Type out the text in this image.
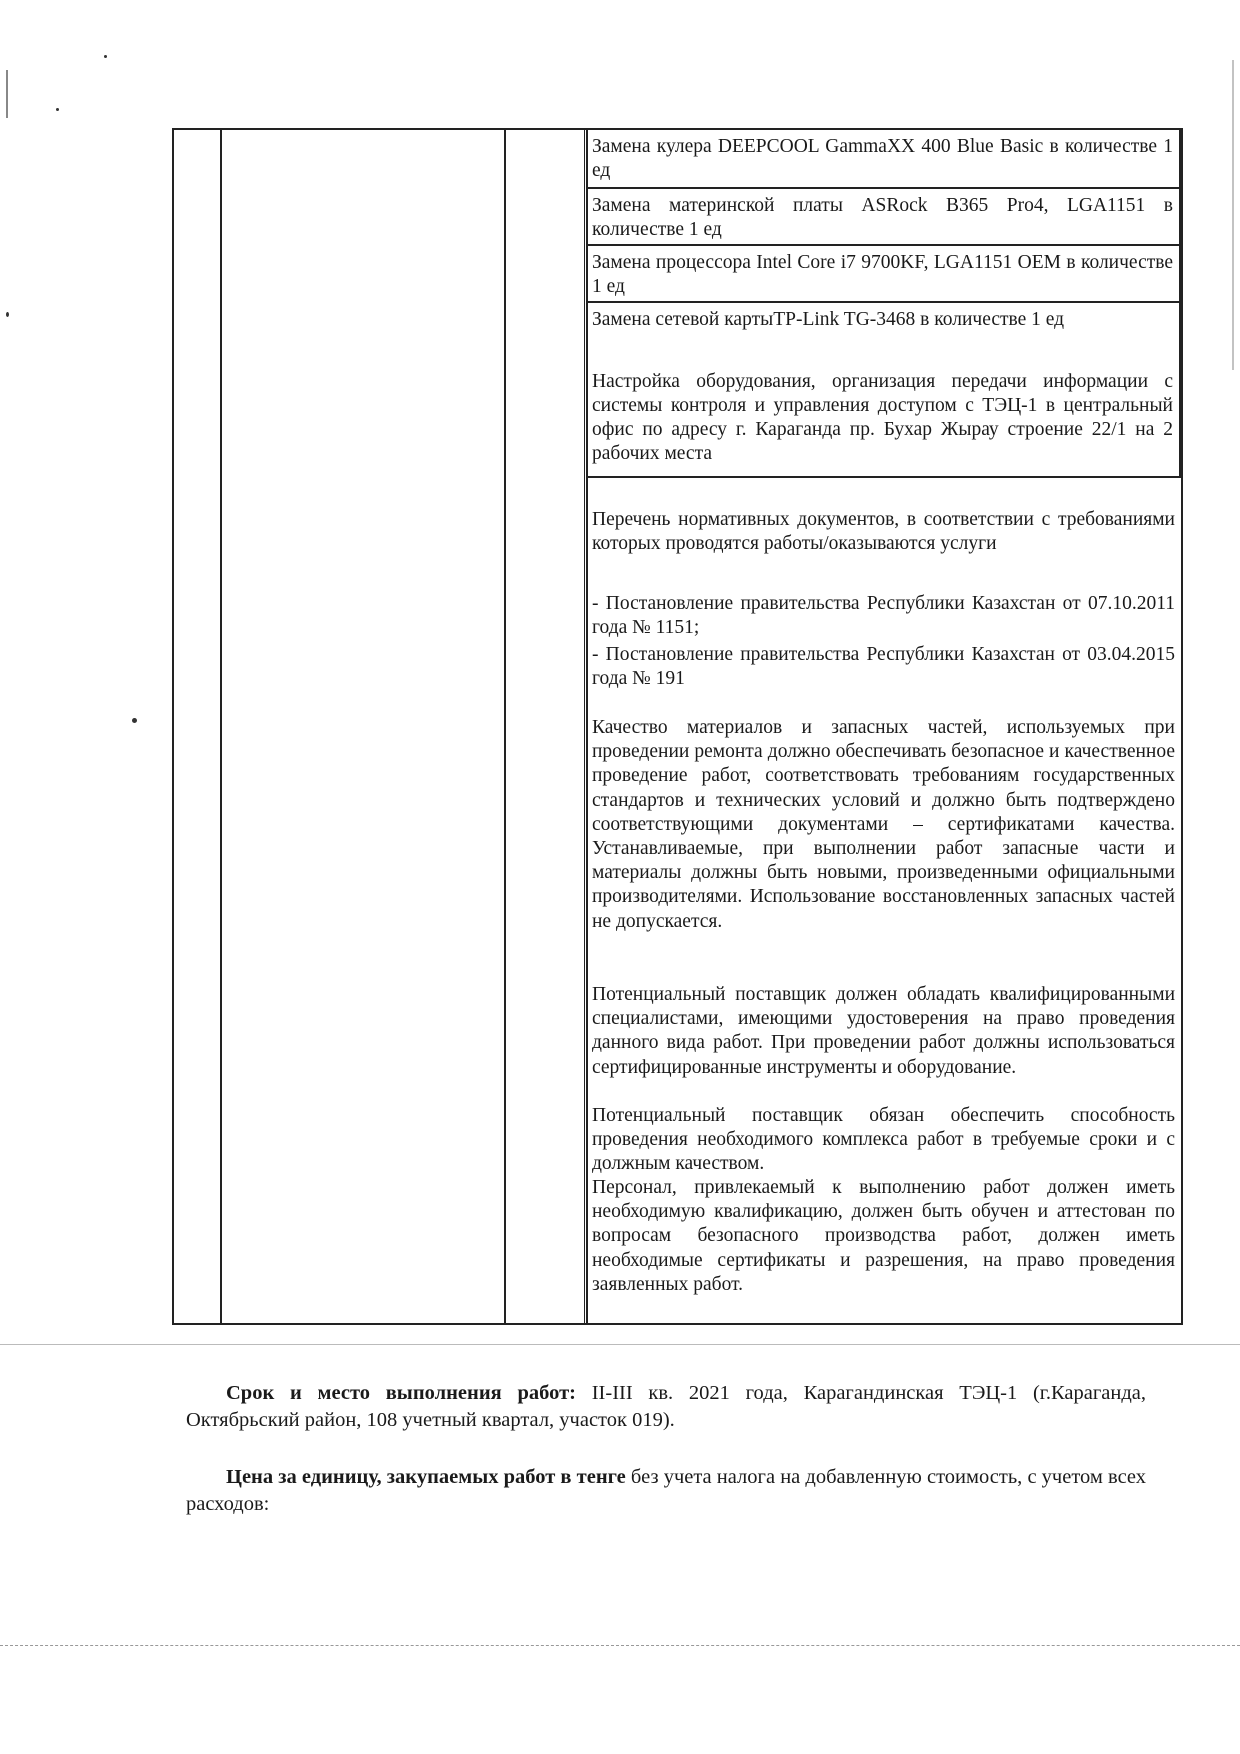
Замена кулера DEEPCOOL GammaXX 400 Blue Basic в количестве 1 ед
Замена материнской платы ASRock B365 Pro4, LGA1151 в количестве 1 ед
Замена процессора Intel Core i7 9700KF, LGA1151 OEM в количестве 1 ед
Замена сетевой картыTP-Link TG-3468 в количестве 1 ед
Настройка оборудования, организация передачи информации с системы контроля и управления доступом с ТЭЦ-1 в центральный офис по адресу г. Караганда пр. Бухар Жырау строение 22/1 на 2 рабочих места
Перечень нормативных документов, в соответствии с требованиями которых проводятся работы/оказываются услуги
- Постановление правительства Республики Казахстан от 07.10.2011 года № 1151;
- Постановление правительства Республики Казахстан от 03.04.2015 года № 191
Качество материалов и запасных частей, используемых при проведении ремонта должно обеспечивать безопасное и качественное проведение работ, соответствовать требованиям государственных стандартов и технических условий и должно быть подтверждено соответствующими документами – сертификатами качества. Устанавливаемые, при выполнении работ запасные части и материалы должны быть новыми, произведенными официальными производителями. Использование восстановленных запасных частей не допускается.
Потенциальный поставщик должен обладать квалифицированными специалистами, имеющими удостоверения на право проведения данного вида работ. При проведении работ должны использоваться сертифицированные инструменты и оборудование.
Потенциальный поставщик обязан обеспечить способность проведения необходимого комплекса работ в требуемые сроки и с должным качеством.
Персонал, привлекаемый к выполнению работ должен иметь необходимую квалификацию, должен быть обучен и аттестован по вопросам безопасного производства работ, должен иметь необходимые сертификаты и разрешения, на право проведения заявленных работ.
Срок и место выполнения работ: II-III кв. 2021 года, Карагандинская ТЭЦ-1 (г.Караганда, Октябрьский район, 108 учетный квартал, участок 019).
Цена за единицу, закупаемых работ в тенге без учета налога на добавленную стоимость, с учетом всех расходов:
